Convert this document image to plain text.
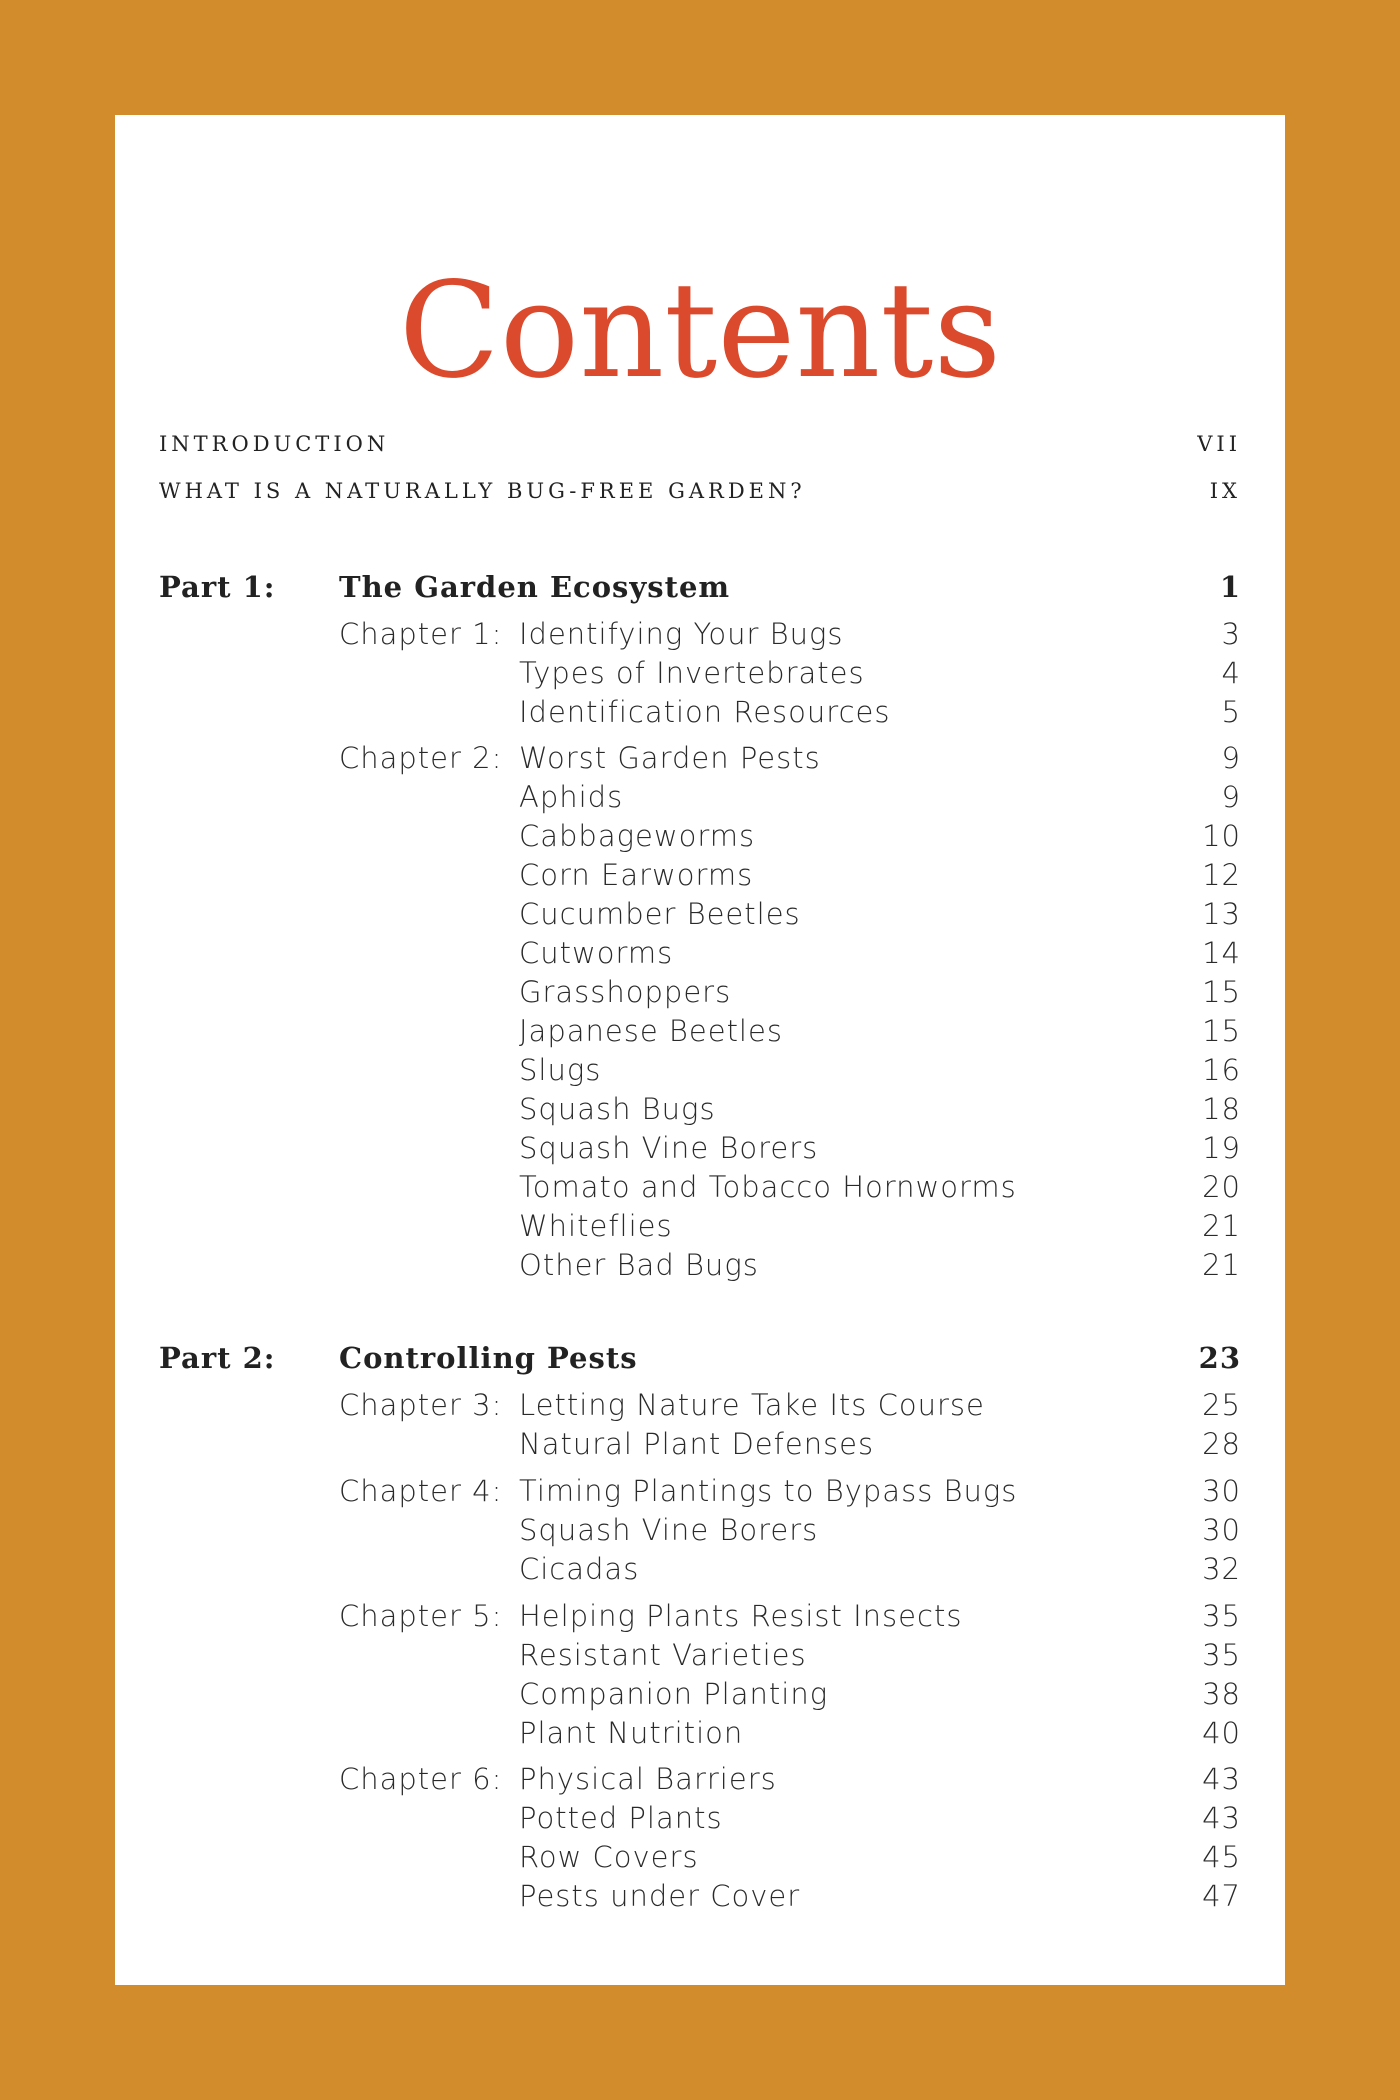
Contents
INTRODUCTION	VII
WHAT IS A NATURALLY BUG-FREE GARDEN?	IX
Part 1: The Garden Ecosystem	1
Chapter 1: Identifying Your Bugs	3
Types of Invertebrates	4
Identification Resources	5
Chapter 2: Worst Garden Pests	9
Aphids	9
Cabbageworms	10
Corn Earworms	12
Cucumber Beetles	13
Cutworms	14
Grasshoppers	15
Japanese Beetles	15
Slugs	16
Squash Bugs	18
Squash Vine Borers	19
Tomato and Tobacco Hornworms	20
Whiteflies	21
Other Bad Bugs	21
Part 2: Controlling Pests	23
Chapter 3: Letting Nature Take Its Course	25
Natural Plant Defenses	28
Chapter 4: Timing Plantings to Bypass Bugs	30
Squash Vine Borers	30
Cicadas	32
Chapter 5: Helping Plants Resist Insects	35
Resistant Varieties	35
Companion Planting	38
Plant Nutrition	40
Chapter 6: Physical Barriers	43
Potted Plants	43
Row Covers	45
Pests under Cover	47
